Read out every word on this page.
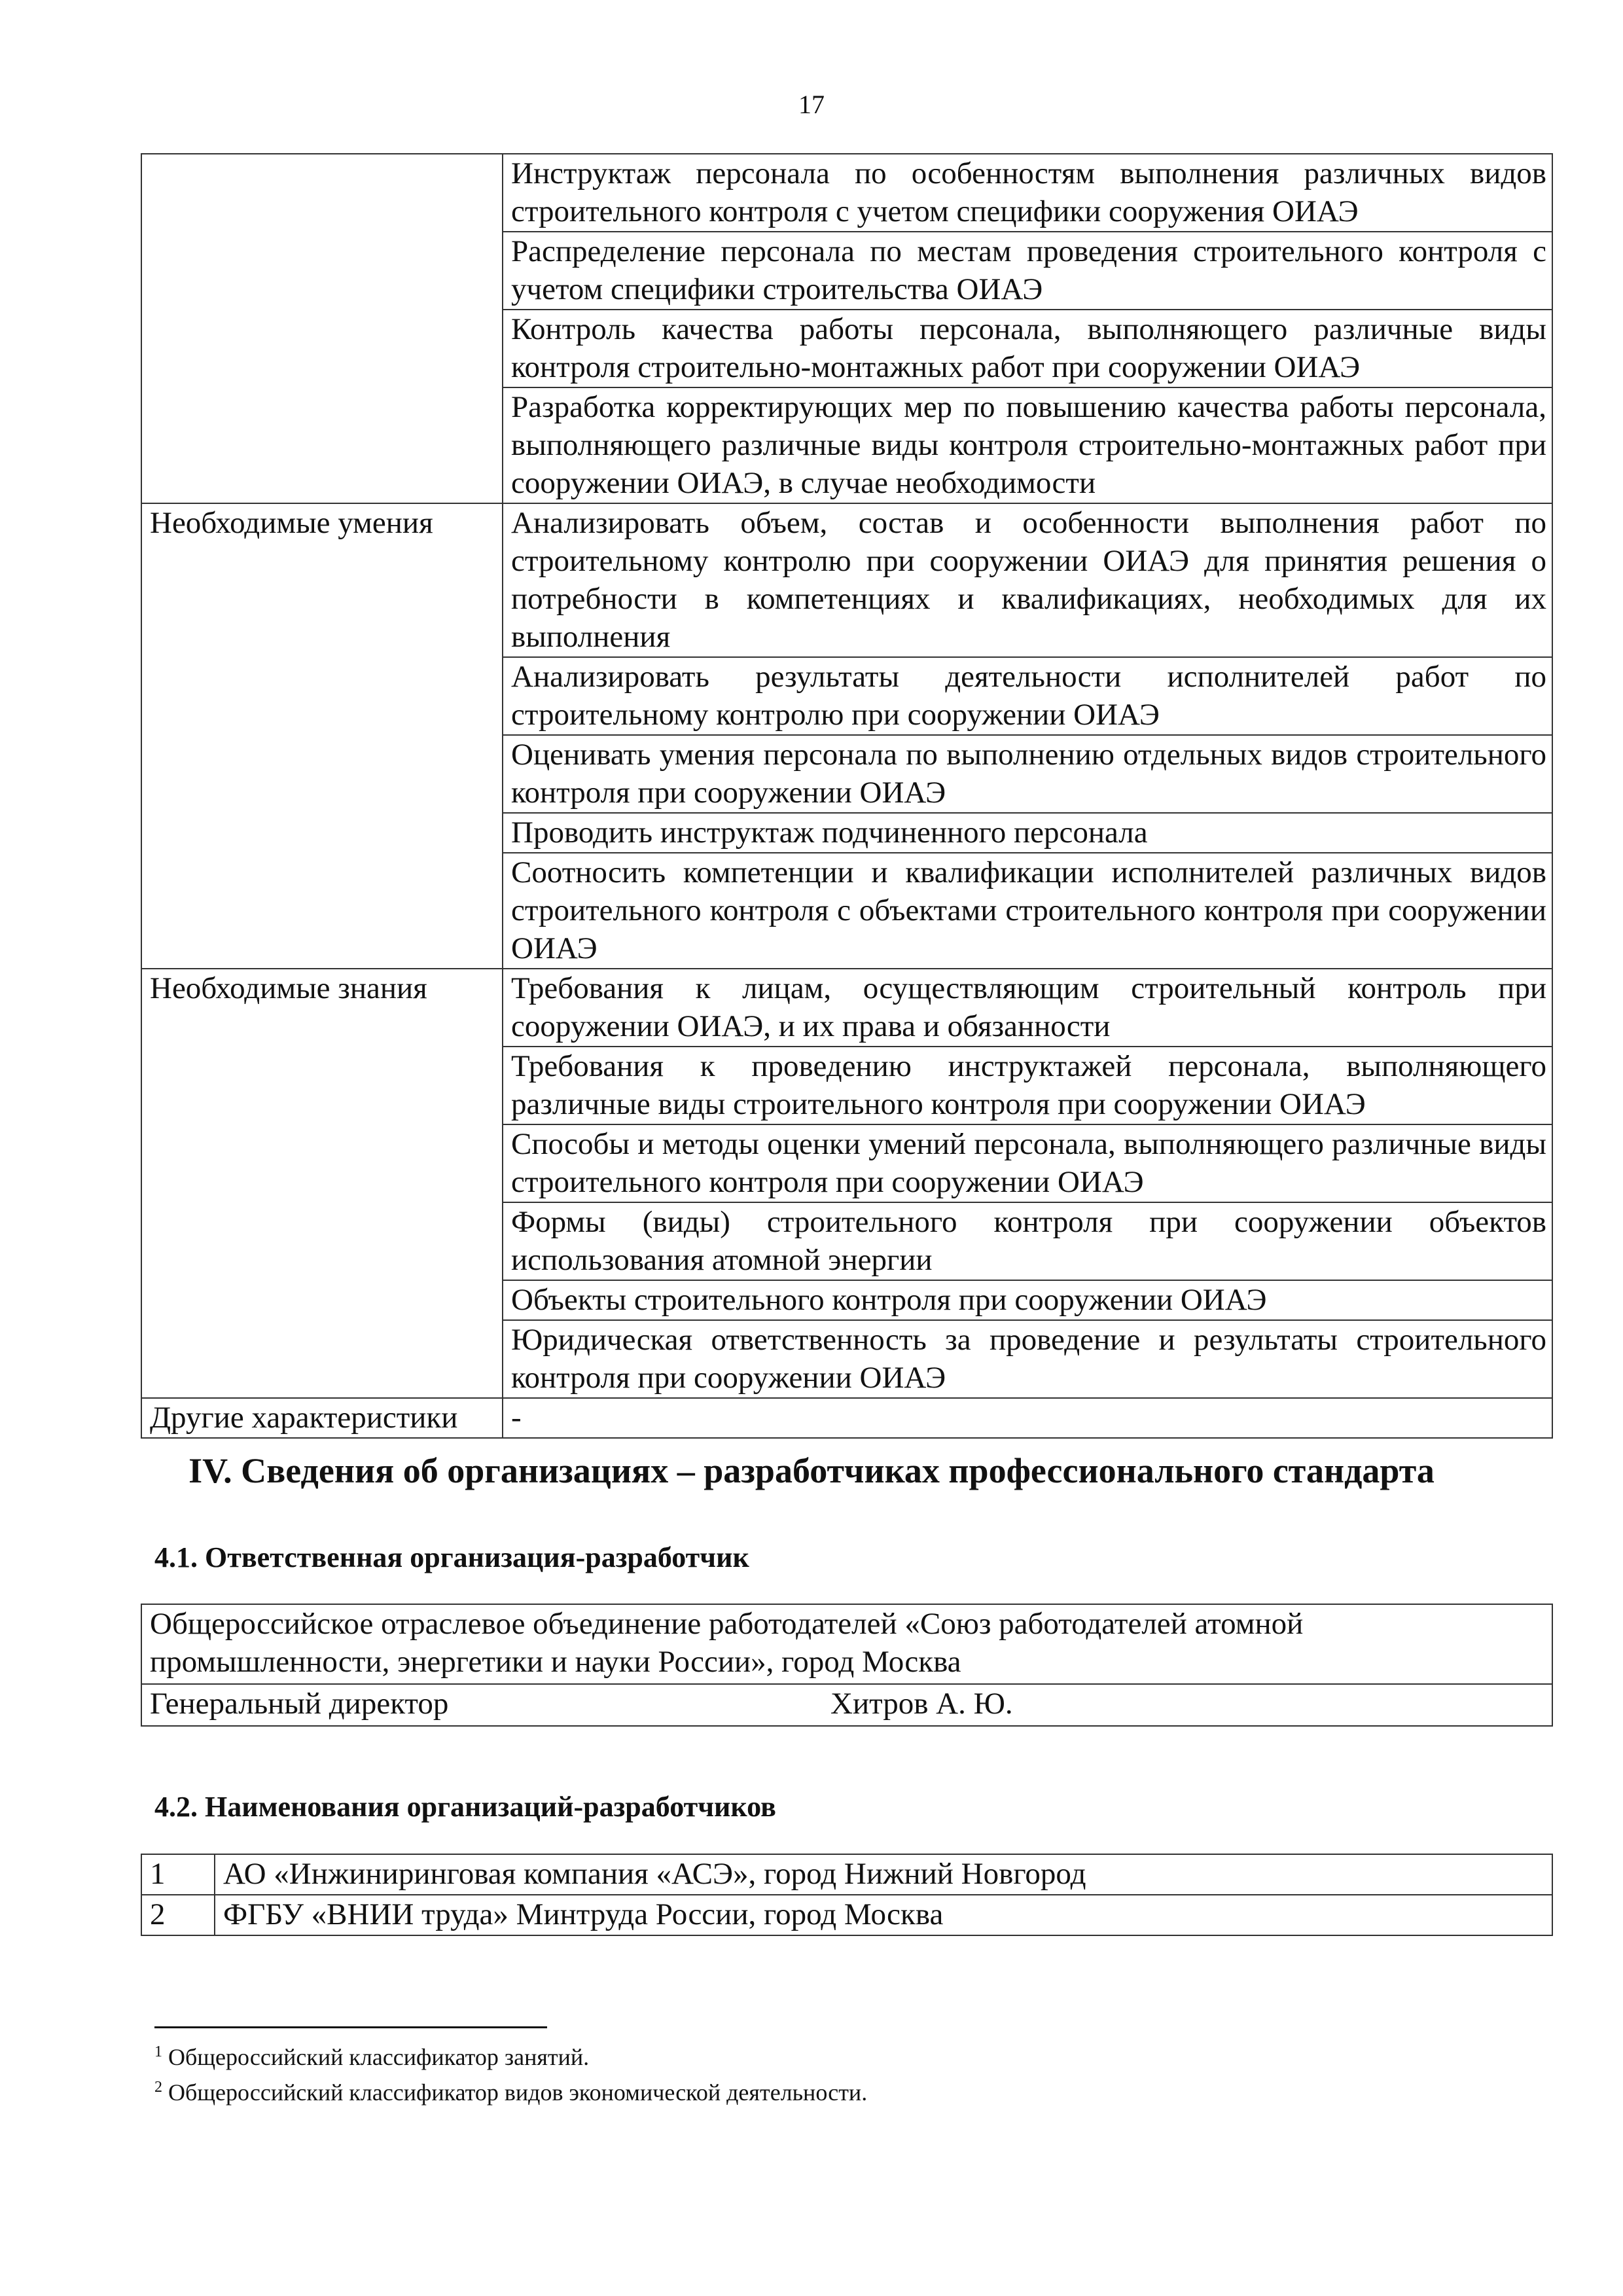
17
	Инструктаж персонала по особенностям выполнения различных видов строительного контроля с учетом специфики сооружения ОИАЭ
	Распределение персонала по местам проведения строительного контроля с учетом специфики строительства ОИАЭ
	Контроль качества работы персонала, выполняющего различные виды контроля строительно-монтажных работ при сооружении ОИАЭ
	Разработка корректирующих мер по повышению качества работы персонала, выполняющего различные виды контроля строительно-монтажных работ при сооружении ОИАЭ, в случае необходимости
Необходимые умения	Анализировать объем, состав и особенности выполнения работ по строительному контролю при сооружении ОИАЭ для принятия решения о потребности в компетенциях и квалификациях, необходимых для их выполнения
	Анализировать результаты деятельности исполнителей работ по строительному контролю при сооружении ОИАЭ
	Оценивать умения персонала по выполнению отдельных видов строительного контроля при сооружении ОИАЭ
	Проводить инструктаж подчиненного персонала
	Соотносить компетенции и квалификации исполнителей различных видов строительного контроля с объектами строительного контроля при сооружении ОИАЭ
Необходимые знания	Требования к лицам, осуществляющим строительный контроль при сооружении ОИАЭ, и их права и обязанности
	Требования к проведению инструктажей персонала, выполняющего различные виды строительного контроля при сооружении ОИАЭ
	Способы и методы оценки умений персонала, выполняющего различные виды строительного контроля при сооружении ОИАЭ
	Формы (виды) строительного контроля при сооружении объектов использования атомной энергии
	Объекты строительного контроля при сооружении ОИАЭ
	Юридическая ответственность за проведение и результаты строительного контроля при сооружении ОИАЭ
Другие характеристики	-
IV. Сведения об организациях – разработчиках профессионального стандарта
4.1. Ответственная организация-разработчик
Общероссийское отраслевое объединение работодателей «Союз работодателей атомной промышленности, энергетики и науки России», город Москва

Генеральный директор	Хитров А. Ю.
4.2. Наименования организаций-разработчиков
1	АО «Инжиниринговая компания «АСЭ», город Нижний Новгород
2	ФГБУ «ВНИИ труда» Минтруда России, город Москва
$^1$ Общероссийский классификатор занятий.
$^2$ Общероссийский классификатор видов экономической деятельности.
